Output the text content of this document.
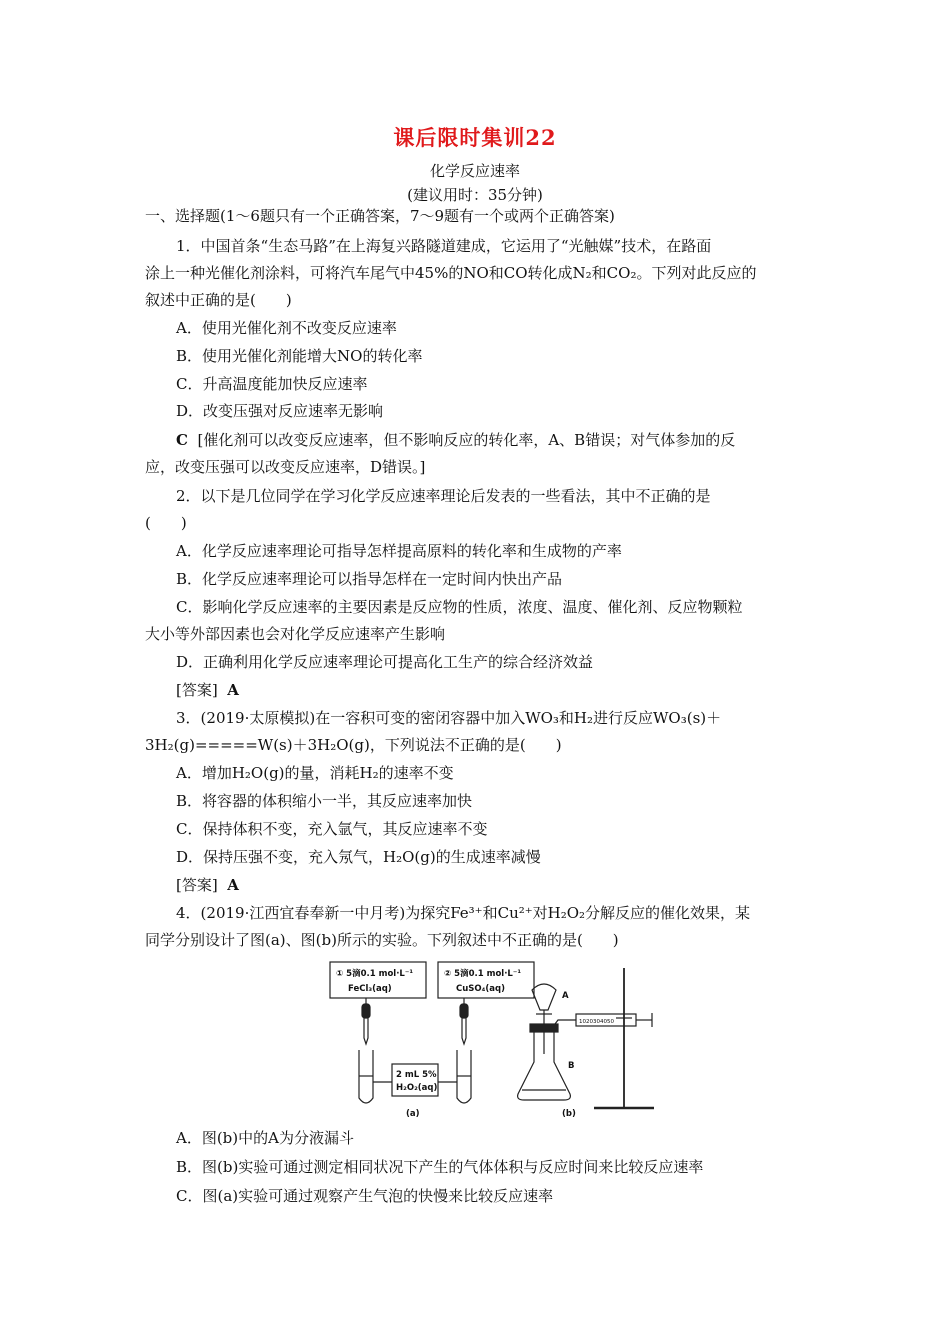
课后限时集训22
化学反应速率
(建议用时：35分钟)
一、选择题(1～6题只有一个正确答案，7～9题有一个或两个正确答案)
1．中国首条“生态马路”在上海复兴路隧道建成，它运用了“光触媒”技术，在路面
涂上一种光催化剂涂料，可将汽车尾气中45%的NO和CO转化成N₂和CO₂。下列对此反应的
叙述中正确的是(　　)
A．使用光催化剂不改变反应速率
B．使用光催化剂能增大NO的转化率
C．升高温度能加快反应速率
D．改变压强对反应速率无影响
C [催化剂可以改变反应速率，但不影响反应的转化率，A、B错误；对气体参加的反
应，改变压强可以改变反应速率，D错误。]
2．以下是几位同学在学习化学反应速率理论后发表的一些看法，其中不正确的是
(　　)
A．化学反应速率理论可指导怎样提高原料的转化率和生成物的产率
B．化学反应速率理论可以指导怎样在一定时间内快出产品
C．影响化学反应速率的主要因素是反应物的性质，浓度、温度、催化剂、反应物颗粒
大小等外部因素也会对化学反应速率产生影响
D．正确利用化学反应速率理论可提高化工生产的综合经济效益
[答案] A
3．(2019·太原模拟)在一容积可变的密闭容器中加入WO₃和H₂进行反应WO₃(s)＋
3H₂(g)=====W(s)＋3H₂O(g)，下列说法不正确的是(　　)
A．增加H₂O(g)的量，消耗H₂的速率不变
B．将容器的体积缩小一半，其反应速率加快
C．保持体积不变，充入氩气，其反应速率不变
D．保持压强不变，充入氖气，H₂O(g)的生成速率减慢
[答案] A
4．(2019·江西宜春奉新一中月考)为探究Fe³⁺和Cu²⁺对H₂O₂分解反应的催化效果，某
同学分别设计了图(a)、图(b)所示的实验。下列叙述中不正确的是(　　)
① 5滴0.1 mol·L⁻¹
FeCl₃(aq)
② 5滴0.1 mol·L⁻¹
CuSO₄(aq)
2 mL 5%
H₂O₂(aq)
(a)	(b)
A
B
1020304050
A．图(b)中的A为分液漏斗
B．图(b)实验可通过测定相同状况下产生的气体体积与反应时间来比较反应速率
C．图(a)实验可通过观察产生气泡的快慢来比较反应速率
